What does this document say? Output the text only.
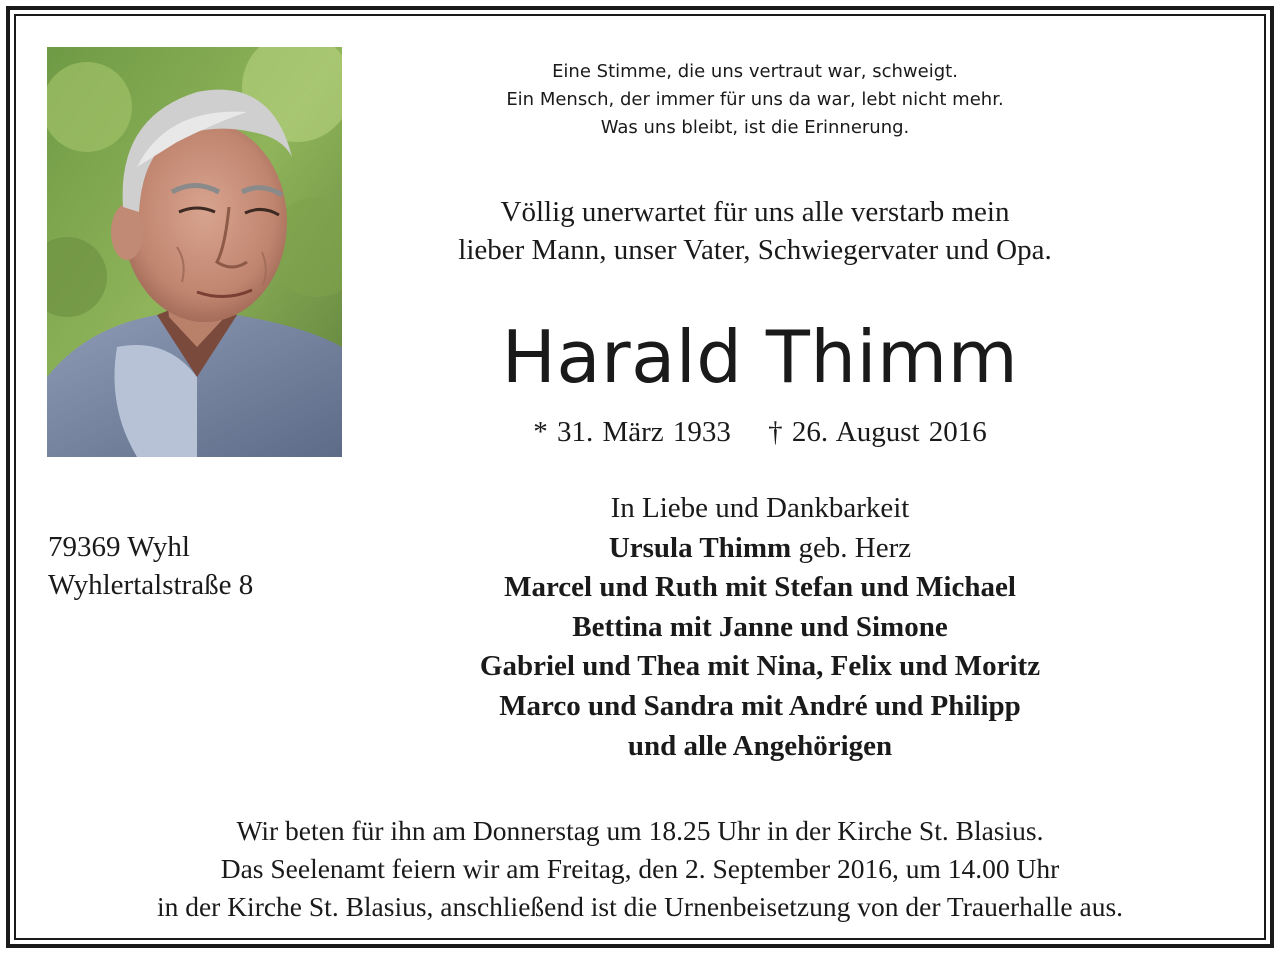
Eine Stimme, die uns vertraut war, schweigt.
Ein Mensch, der immer für uns da war, lebt nicht mehr.
Was uns bleibt, ist die Erinnerung.
Völlig unerwartet für uns alle verstarb mein
lieber Mann, unser Vater, Schwiegervater und Opa.
Harald Thimm
* 31. März 1933 † 26. August 2016
79369 Wyhl
Wyhlertalstraße 8
In Liebe und Dankbarkeit
Ursula Thimm geb. Herz
Marcel und Ruth mit Stefan und Michael
Bettina mit Janne und Simone
Gabriel und Thea mit Nina, Felix und Moritz
Marco und Sandra mit André und Philipp
und alle Angehörigen
Wir beten für ihn am Donnerstag um 18.25 Uhr in der Kirche St. Blasius.
Das Seelenamt feiern wir am Freitag, den 2. September 2016, um 14.00 Uhr
in der Kirche St. Blasius, anschließend ist die Urnenbeisetzung von der Trauerhalle aus.
